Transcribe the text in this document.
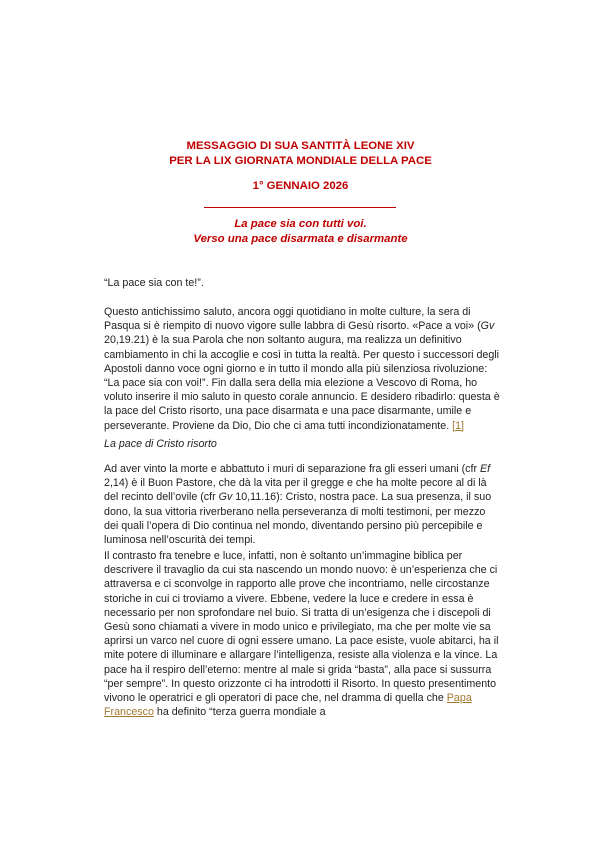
MESSAGGIO DI SUA SANTITÀ LEONE XIV
PER LA LIX GIORNATA MONDIALE DELLA PACE
1° GENNAIO 2026
La pace sia con tutti voi.
Verso una pace disarmata e disarmante

“La pace sia con te!”.

Questo antichissimo saluto, ancora oggi quotidiano in molte culture, la sera di Pasqua si è riempito di nuovo vigore sulle labbra di Gesù risorto. «Pace a voi» (Gv 20,19.21) è la sua Parola che non soltanto augura, ma realizza un definitivo cambiamento in chi la accoglie e così in tutta la realtà. Per questo i successori degli Apostoli danno voce ogni giorno e in tutto il mondo alla più silenziosa rivoluzione: “La pace sia con voi!”. Fin dalla sera della mia elezione a Vescovo di Roma, ho voluto inserire il mio saluto in questo corale annuncio. E desidero ribadirlo: questa è la pace del Cristo risorto, una pace disarmata e una pace disarmante, umile e perseverante. Proviene da Dio, Dio che ci ama tutti incondizionatamente. [1]

La pace di Cristo risorto

Ad aver vinto la morte e abbattuto i muri di separazione fra gli esseri umani (cfr Ef 2,14) è il Buon Pastore, che dà la vita per il gregge e che ha molte pecore al di là del recinto dell’ovile (cfr Gv 10,11.16): Cristo, nostra pace. La sua presenza, il suo dono, la sua vittoria riverberano nella perseveranza di molti testimoni, per mezzo dei quali l’opera di Dio continua nel mondo, diventando persino più percepibile e luminosa nell’oscurità dei tempi.

Il contrasto fra tenebre e luce, infatti, non è soltanto un’immagine biblica per descrivere il travaglio da cui sta nascendo un mondo nuovo: è un’esperienza che ci attraversa e ci sconvolge in rapporto alle prove che incontriamo, nelle circostanze storiche in cui ci troviamo a vivere. Ebbene, vedere la luce e credere in essa è necessario per non sprofondare nel buio. Si tratta di un’esigenza che i discepoli di Gesù sono chiamati a vivere in modo unico e privilegiato, ma che per molte vie sa aprirsi un varco nel cuore di ogni essere umano. La pace esiste, vuole abitarci, ha il mite potere di illuminare e allargare l’intelligenza, resiste alla violenza e la vince. La pace ha il respiro dell’eterno: mentre al male si grida “basta”, alla pace si sussurra “per sempre”. In questo orizzonte ci ha introdotti il Risorto. In questo presentimento vivono le operatrici e gli operatori di pace che, nel dramma di quella che Papa Francesco ha definito “terza guerra mondiale a
